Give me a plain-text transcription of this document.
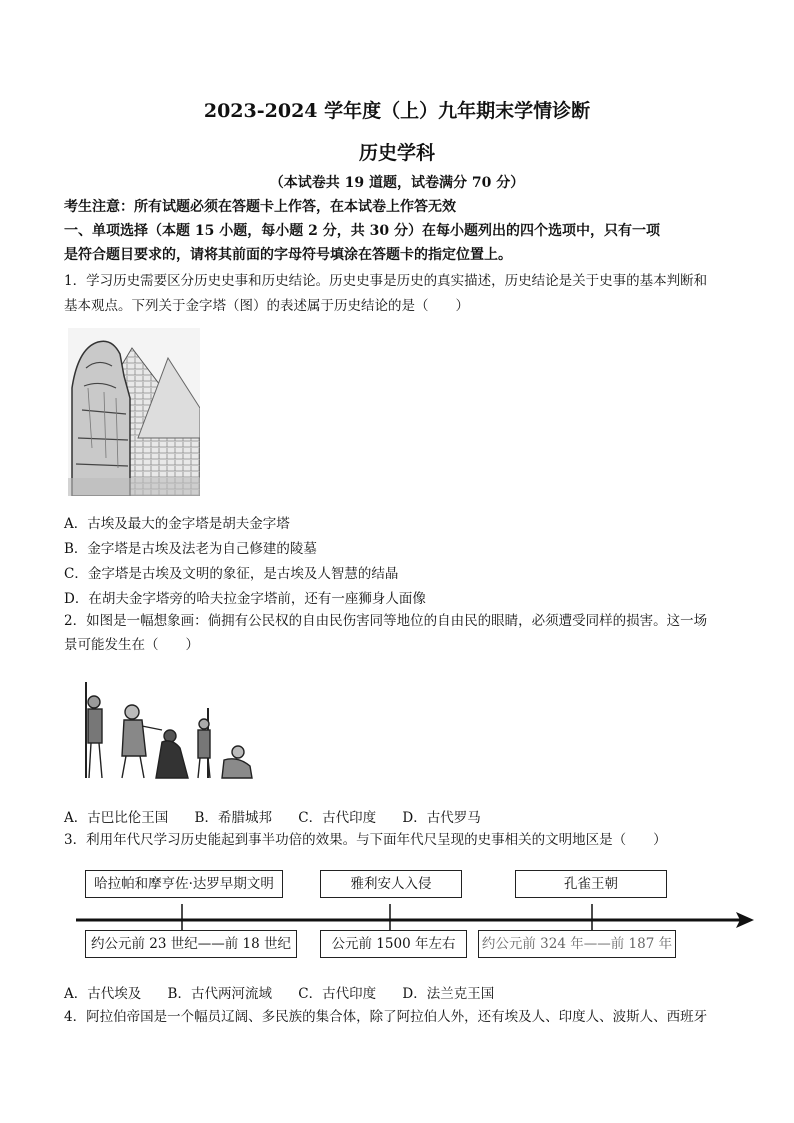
2023-2024 学年度（上）九年期末学情诊断
历史学科
（本试卷共 19 道题，试卷满分 70 分）
考生注意：所有试题必须在答题卡上作答，在本试卷上作答无效
一、单项选择（本题 15 小题，每小题 2 分，共 30 分）在每小题列出的四个选项中，只有一项
是符合题目要求的，请将其前面的字母符号填涂在答题卡的指定位置上。
1．学习历史需要区分历史史事和历史结论。历史史事是历史的真实描述，历史结论是关于史事的基本判断和
基本观点。下列关于金字塔（图）的表述属于历史结论的是（　　）
A．古埃及最大的金字塔是胡夫金字塔
B．金字塔是古埃及法老为自己修建的陵墓
C．金字塔是古埃及文明的象征，是古埃及人智慧的结晶
D．在胡夫金字塔旁的哈夫拉金字塔前，还有一座狮身人面像
2．如图是一幅想象画：倘拥有公民权的自由民伤害同等地位的自由民的眼睛，必须遭受同样的损害。这一场
景可能发生在（　　）
A．古巴比伦王国 B．希腊城邦 C．古代印度 D．古代罗马
3．利用年代尺学习历史能起到事半功倍的效果。与下面年代尺呈现的史事相关的文明地区是（　　）
哈拉帕和摩亨佐·达罗早期文明	雅利安人入侵	孔雀王朝
约公元前 23 世纪——前 18 世纪	公元前 1500 年左右	约公元前 324 年——前 187 年
A．古代埃及 B．古代两河流域 C．古代印度 D．法兰克王国
4．阿拉伯帝国是一个幅员辽阔、多民族的集合体，除了阿拉伯人外，还有埃及人、印度人、波斯人、西班牙
